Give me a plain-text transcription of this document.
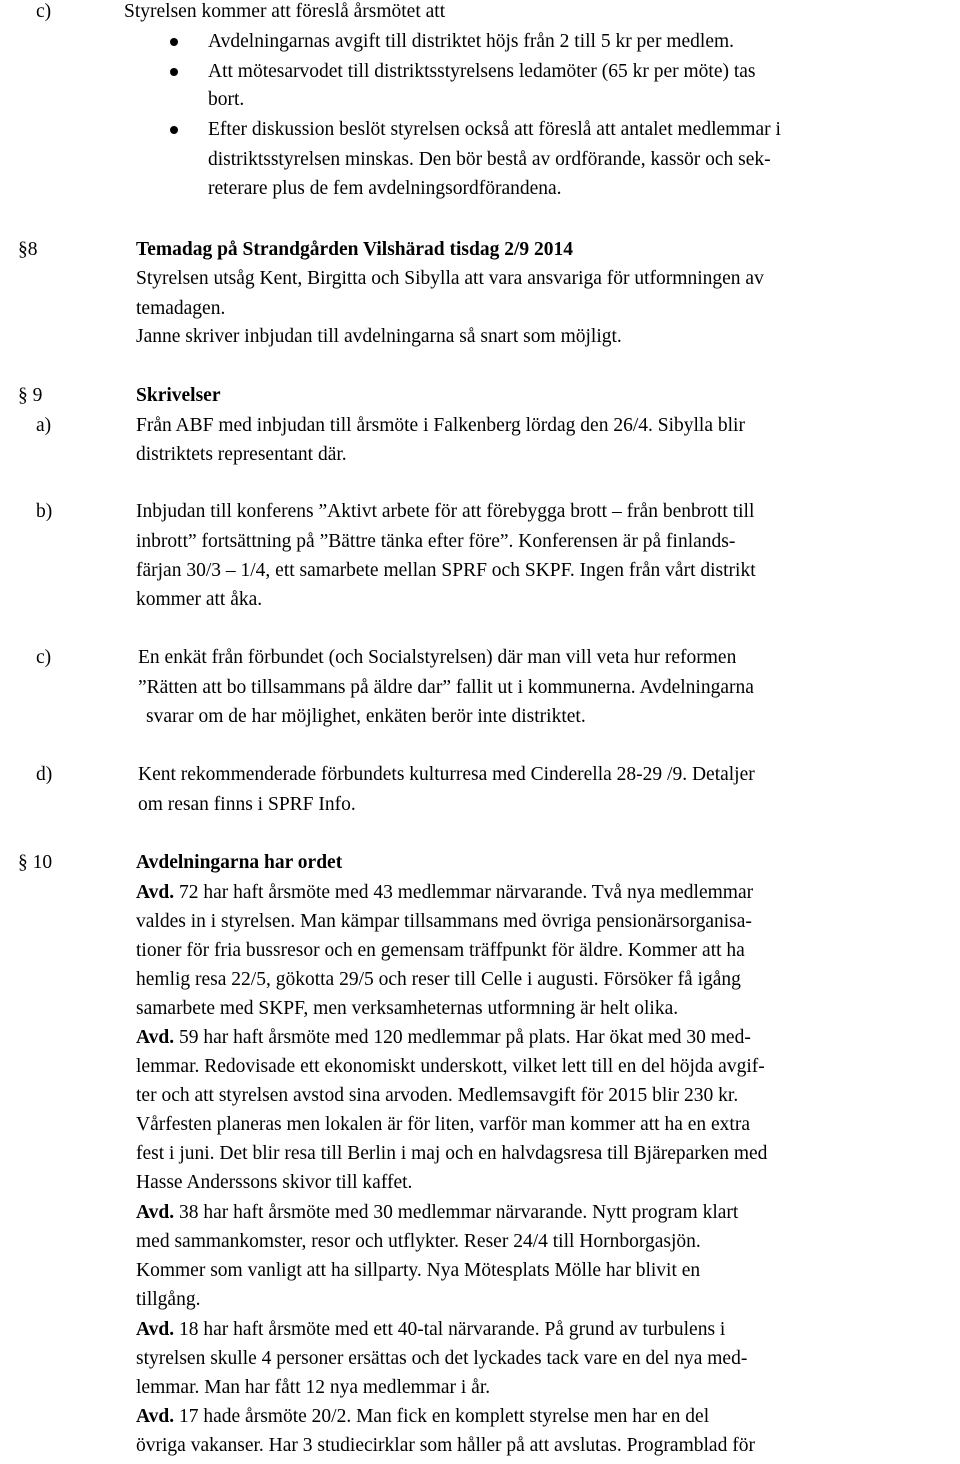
c)	Styrelsen kommer att föreslå årsmötet att
Avdelningarnas avgift till distriktet höjs från 2 till 5 kr per medlem.
Att mötesarvodet till distriktsstyrelsens ledamöter (65 kr per möte) tas
bort.
Efter diskussion beslöt styrelsen också att föreslå att antalet medlemmar i
distriktsstyrelsen minskas. Den bör bestå av ordförande, kassör och sek-
reterare plus de fem avdelningsordförandena.
§8	Temadag på Strandgården Vilshärad tisdag 2/9 2014
Styrelsen utsåg Kent, Birgitta och Sibylla att vara ansvariga för utformningen av
temadagen.
Janne skriver inbjudan till avdelningarna så snart som möjligt.
§ 9	Skrivelser
a)	Från ABF med inbjudan till årsmöte i Falkenberg lördag den 26/4. Sibylla blir
distriktets representant där.
b)	Inbjudan till konferens ”Aktivt arbete för att förebygga brott – från benbrott till
inbrott” fortsättning på ”Bättre tänka efter före”. Konferensen är på finlands-
färjan 30/3 – 1/4, ett samarbete mellan SPRF och SKPF. Ingen från vårt distrikt
kommer att åka.
c)	En enkät från förbundet (och Socialstyrelsen) där man vill veta hur reformen
”Rätten att bo tillsammans på äldre dar” fallit ut i kommunerna. Avdelningarna
svarar om de har möjlighet, enkäten berör inte distriktet.
d)	Kent rekommenderade förbundets kulturresa med Cinderella 28-29 /9. Detaljer
om resan finns i SPRF Info.
§ 10	Avdelningarna har ordet
Avd. 72 har haft årsmöte med 43 medlemmar närvarande. Två nya medlemmar
valdes in i styrelsen. Man kämpar tillsammans med övriga pensionärsorganisa-
tioner för fria bussresor och en gemensam träffpunkt för äldre. Kommer att ha
hemlig resa 22/5, gökotta 29/5 och reser till Celle i augusti. Försöker få igång
samarbete med SKPF, men verksamheternas utformning är helt olika.
Avd. 59 har haft årsmöte med 120 medlemmar på plats. Har ökat med 30 med-
lemmar. Redovisade ett ekonomiskt underskott, vilket lett till en del höjda avgif-
ter och att styrelsen avstod sina arvoden. Medlemsavgift för 2015 blir 230 kr.
Vårfesten planeras men lokalen är för liten, varför man kommer att ha en extra
fest i juni. Det blir resa till Berlin i maj och en halvdagsresa till Bjäreparken med
Hasse Anderssons skivor till kaffet.
Avd. 38 har haft årsmöte med 30 medlemmar närvarande. Nytt program klart
med sammankomster, resor och utflykter. Reser 24/4 till Hornborgasjön.
Kommer som vanligt att ha sillparty. Nya Mötesplats Mölle har blivit en
tillgång.
Avd. 18 har haft årsmöte med ett 40-tal närvarande. På grund av turbulens i
styrelsen skulle 4 personer ersättas och det lyckades tack vare en del nya med-
lemmar. Man har fått 12 nya medlemmar i år.
Avd. 17 hade årsmöte 20/2. Man fick en komplett styrelse men har en del
övriga vakanser. Har 3 studiecirklar som håller på att avslutas. Programblad för
